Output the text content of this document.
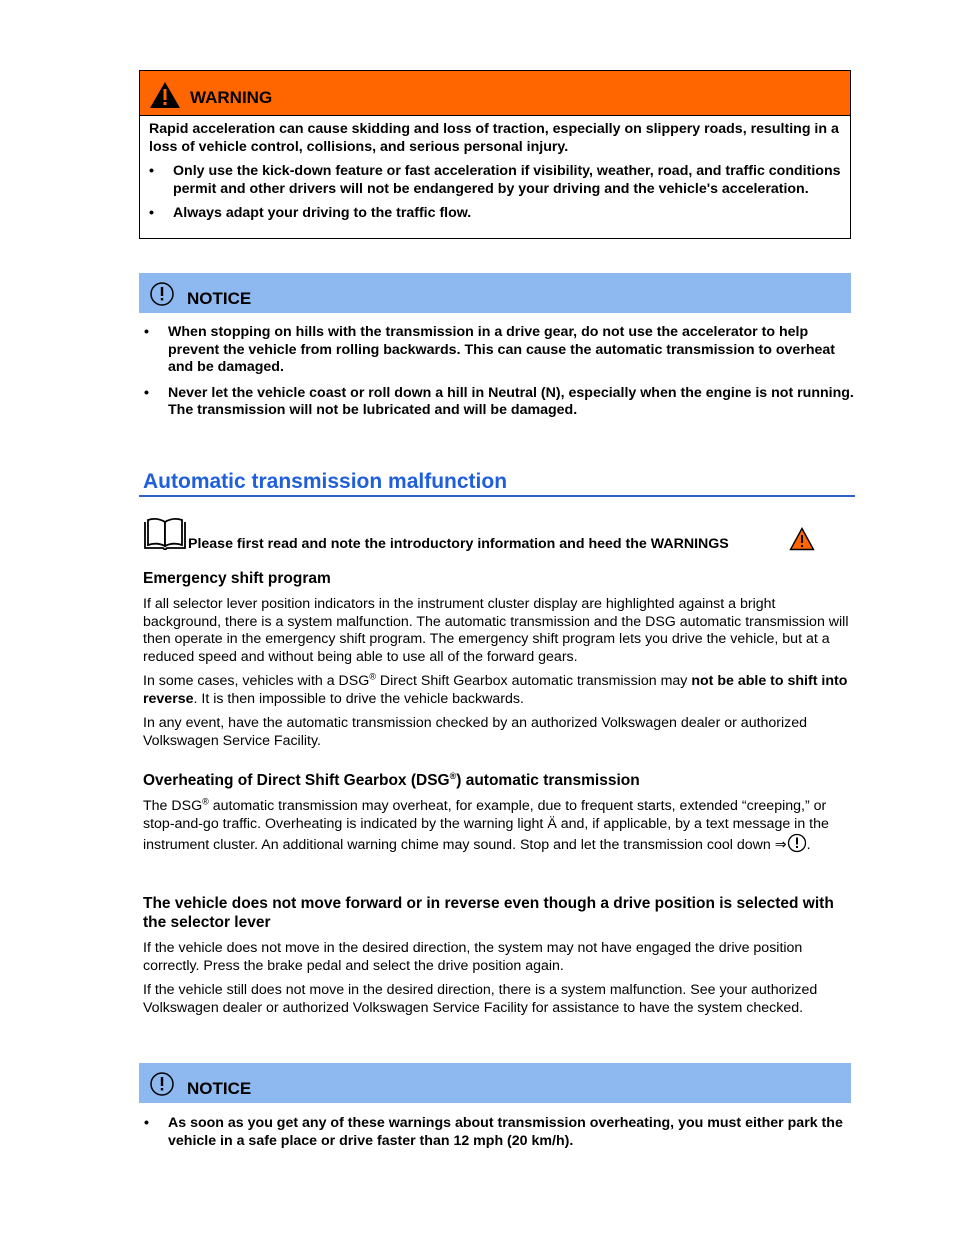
WARNING

Rapid acceleration can cause skidding and loss of traction, especially on slippery roads, resulting in a loss of vehicle control, collisions, and serious personal injury.

• Only use the kick-down feature or fast acceleration if visibility, weather, road, and traffic conditions permit and other drivers will not be endangered by your driving and the vehicle's acceleration.

• Always adapt your driving to the traffic flow.

NOTICE

• When stopping on hills with the transmission in a drive gear, do not use the accelerator to help prevent the vehicle from rolling backwards. This can cause the automatic transmission to overheat and be damaged.

• Never let the vehicle coast or roll down a hill in Neutral (N), especially when the engine is not running. The transmission will not be lubricated and will be damaged.

Automatic transmission malfunction
Please first read and note the introductory information and heed the WARNINGS
Emergency shift program

If all selector lever position indicators in the instrument cluster display are highlighted against a bright background, there is a system malfunction. The automatic transmission and the DSG automatic transmission will then operate in the emergency shift program. The emergency shift program lets you drive the vehicle, but at a reduced speed and without being able to use all of the forward gears.

In some cases, vehicles with a DSG® Direct Shift Gearbox automatic transmission may not be able to shift into reverse. It is then impossible to drive the vehicle backwards.

In any event, have the automatic transmission checked by an authorized Volkswagen dealer or authorized Volkswagen Service Facility.

Overheating of Direct Shift Gearbox (DSG®) automatic transmission

The DSG® automatic transmission may overheat, for example, due to frequent starts, extended “creeping,” or stop-and-go traffic. Overheating is indicated by the warning light Ä and, if applicable, by a text message in the instrument cluster. An additional warning chime may sound. Stop and let the transmission cool down ⇒ .

The vehicle does not move forward or in reverse even though a drive position is selected with the selector lever

If the vehicle does not move in the desired direction, the system may not have engaged the drive position correctly. Press the brake pedal and select the drive position again.

If the vehicle still does not move in the desired direction, there is a system malfunction. See your authorized Volkswagen dealer or authorized Volkswagen Service Facility for assistance to have the system checked.

NOTICE

• As soon as you get any of these warnings about transmission overheating, you must either park the vehicle in a safe place or drive faster than 12 mph (20 km/h).
